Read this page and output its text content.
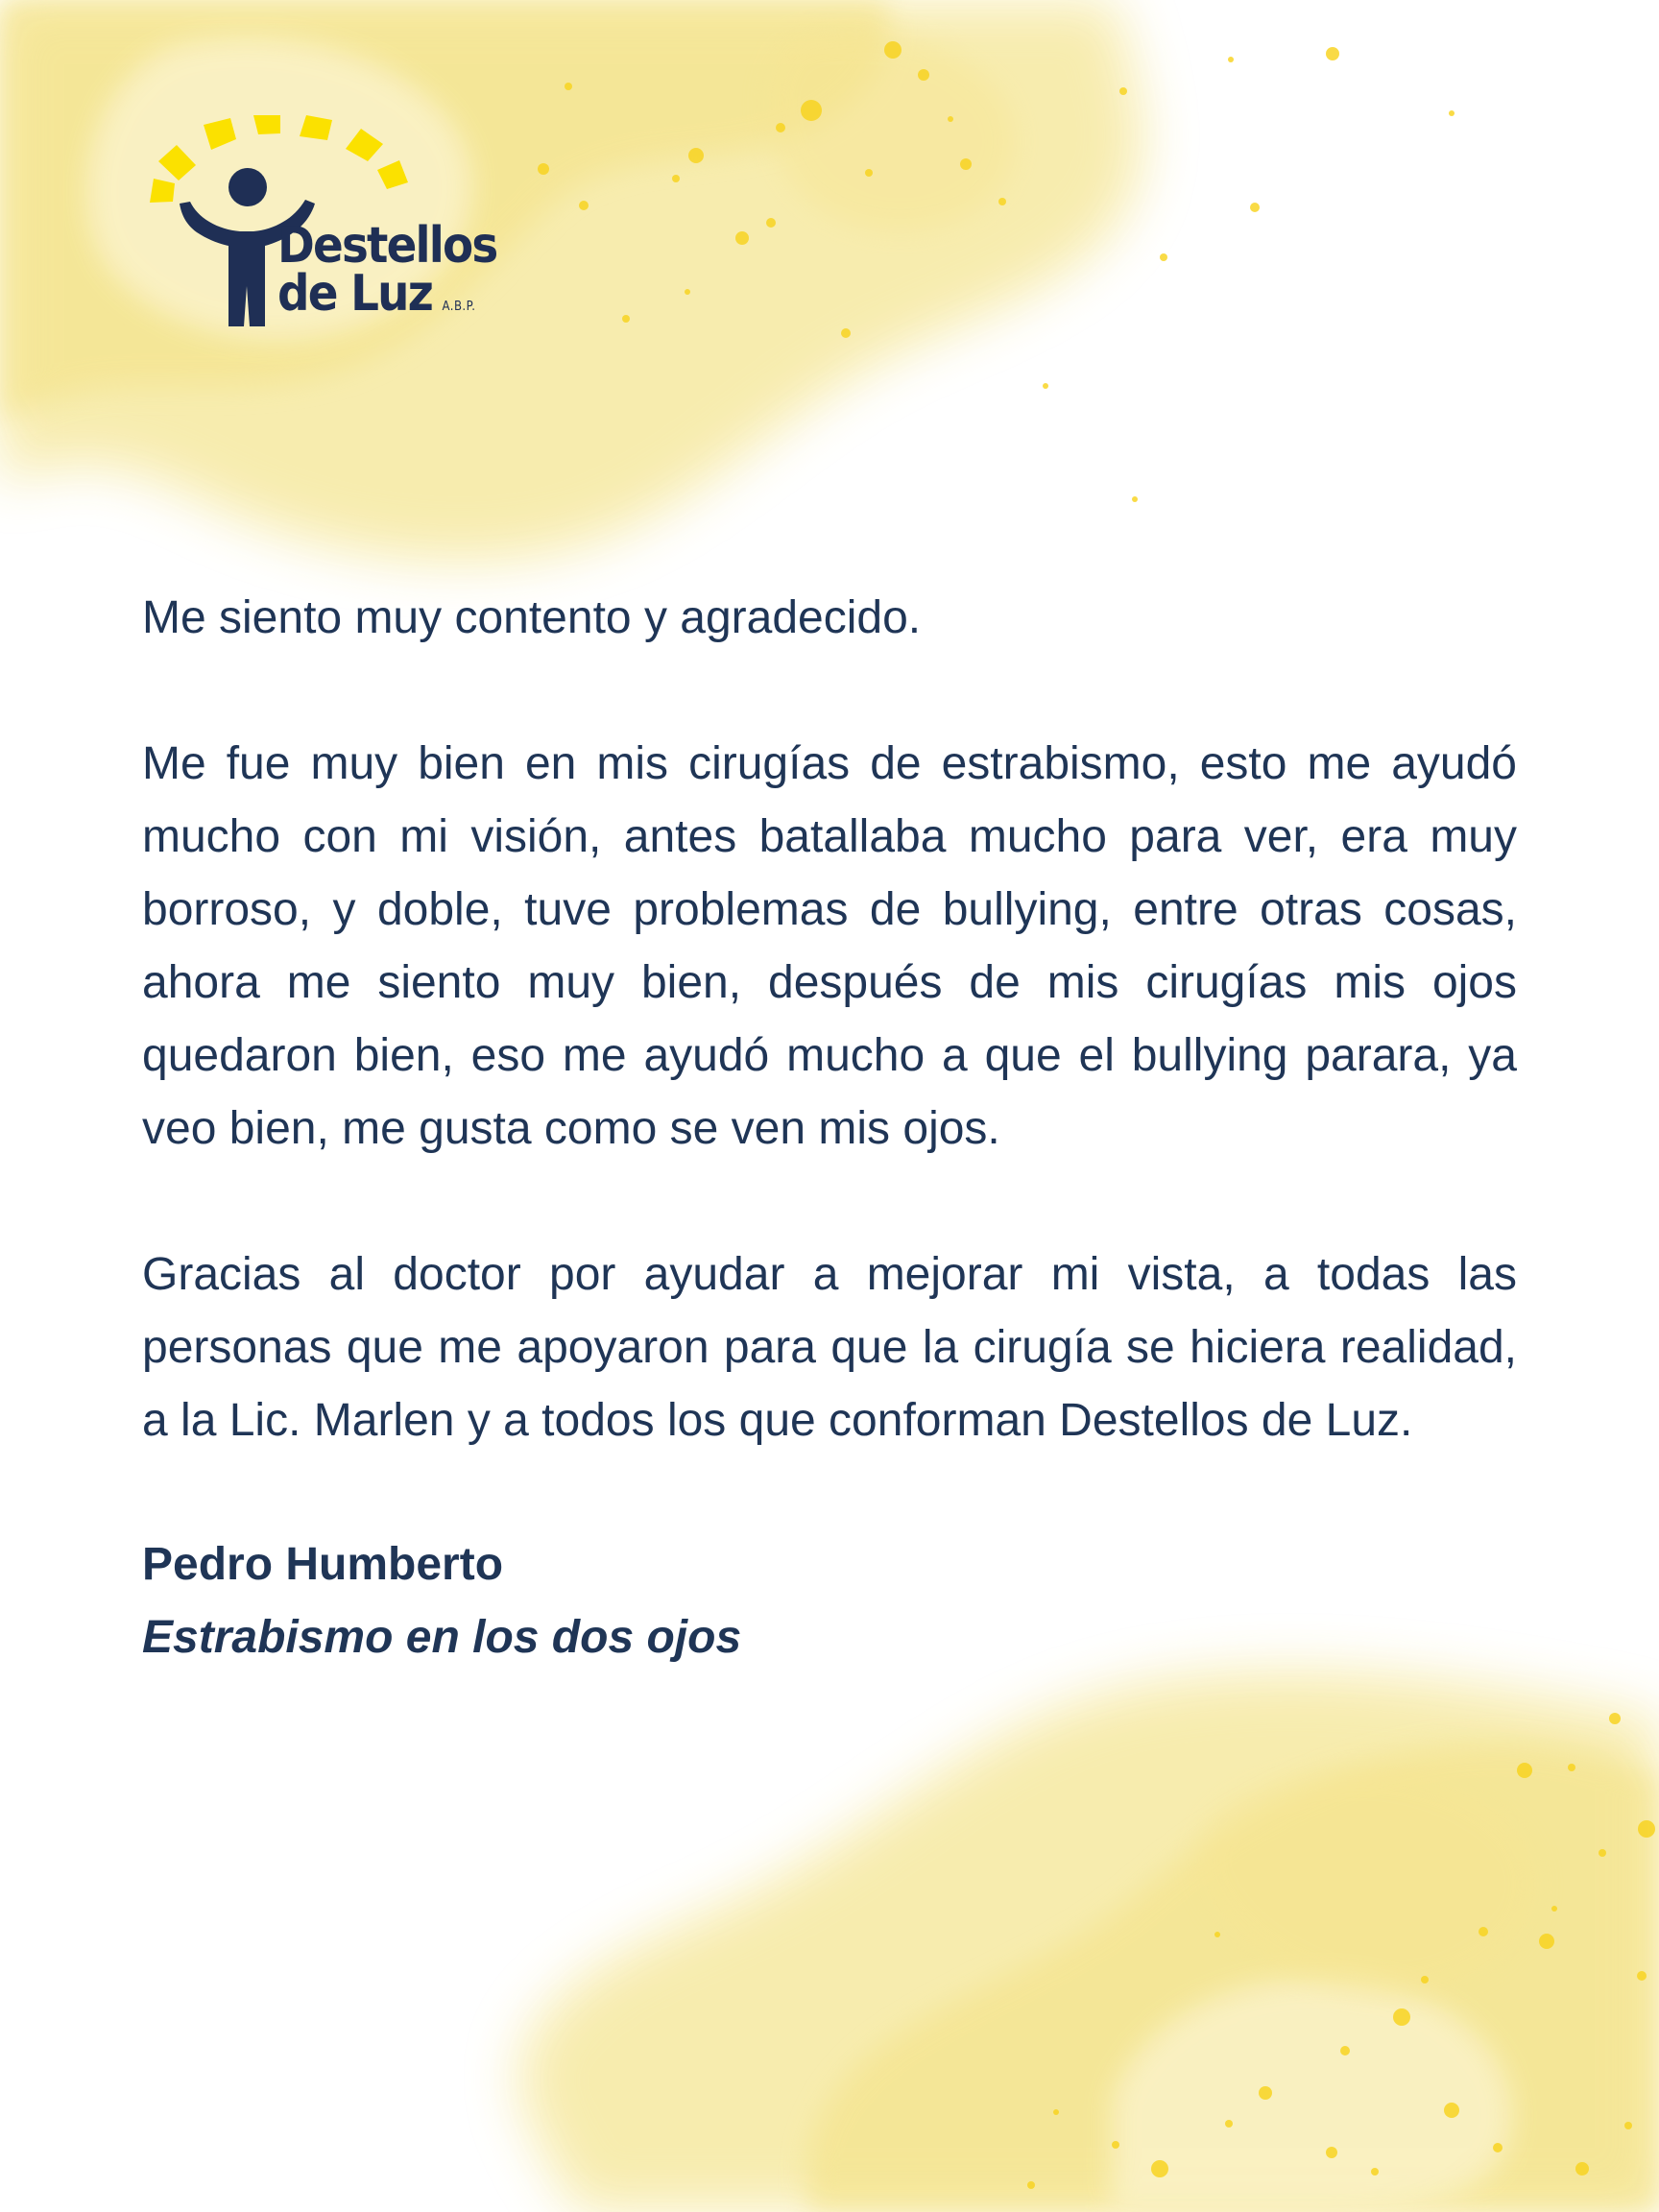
Destellos
de Luz A.B.P.

Me siento muy contento y agradecido.

Me fue muy bien en mis cirugías de estrabismo, esto me ayudó mucho con mi visión, antes batallaba mucho para ver, era muy borroso, y doble, tuve problemas de bullying, entre otras cosas, ahora me siento muy bien, después de mis cirugías mis ojos quedaron bien, eso me ayudó mucho a que el bullying parara, ya veo bien, me gusta como se ven mis ojos.

Gracias al doctor por ayudar a mejorar mi vista, a todas las personas que me apoyaron para que la cirugía se hiciera realidad, a la Lic. Marlen y a todos los que conforman Destellos de Luz.

Pedro Humberto
Estrabismo en los dos ojos
